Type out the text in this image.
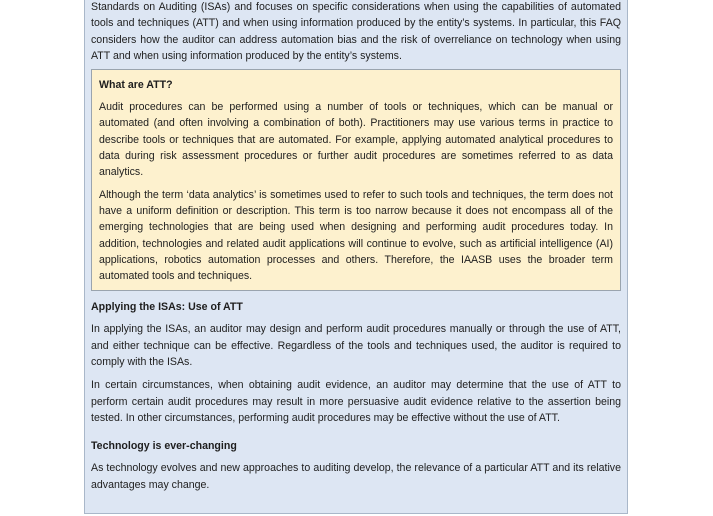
Standards on Auditing (ISAs) and focuses on specific considerations when using the capabilities of automated tools and techniques (ATT) and when using information produced by the entity’s systems. In particular, this FAQ considers how the auditor can address automation bias and the risk of overreliance on technology when using ATT and when using information produced by the entity’s systems.

What are ATT?

Audit procedures can be performed using a number of tools or techniques, which can be manual or automated (and often involving a combination of both). Practitioners may use various terms in practice to describe tools or techniques that are automated. For example, applying automated analytical procedures to data during risk assessment procedures or further audit procedures are sometimes referred to as data analytics.

Although the term ‘data analytics’ is sometimes used to refer to such tools and techniques, the term does not have a uniform definition or description. This term is too narrow because it does not encompass all of the emerging technologies that are being used when designing and performing audit procedures today. In addition, technologies and related audit applications will continue to evolve, such as artificial intelligence (AI) applications, robotics automation processes and others. Therefore, the IAASB uses the broader term automated tools and techniques.

Applying the ISAs: Use of ATT

In applying the ISAs, an auditor may design and perform audit procedures manually or through the use of ATT, and either technique can be effective. Regardless of the tools and techniques used, the auditor is required to comply with the ISAs.

In certain circumstances, when obtaining audit evidence, an auditor may determine that the use of ATT to perform certain audit procedures may result in more persuasive audit evidence relative to the assertion being tested. In other circumstances, performing audit procedures may be effective without the use of ATT.

Technology is ever-changing

As technology evolves and new approaches to auditing develop, the relevance of a particular ATT and its relative advantages may change.
